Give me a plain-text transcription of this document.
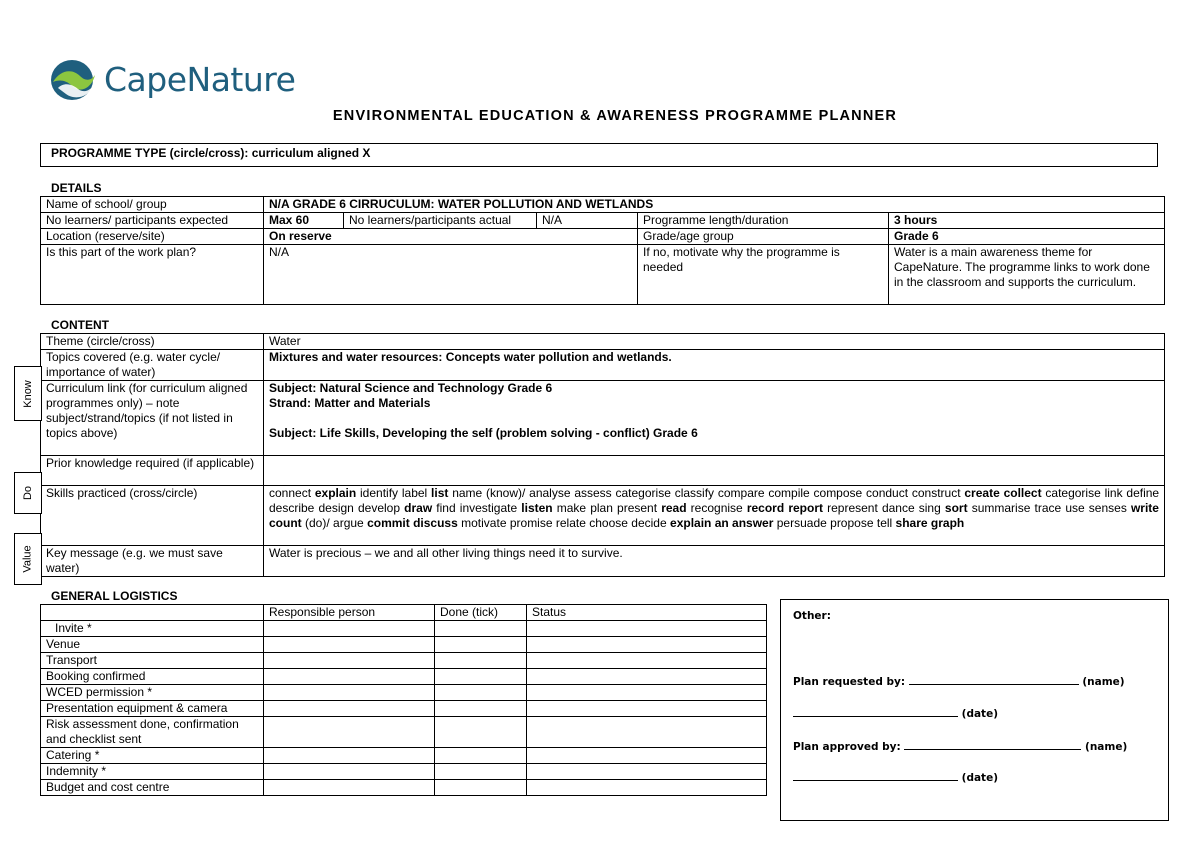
CapeNature
ENVIRONMENTAL EDUCATION & AWARENESS PROGRAMME PLANNER
PROGRAMME TYPE (circle/cross): curriculum aligned X
DETAILS
Name of school/ group	N/A GRADE 6 CIRRUCULUM: WATER POLLUTION AND WETLANDS				
No learners/ participants expected	Max 60	No learners/participants actual	N/A	Programme length/duration	3 hours
Location (reserve/site)	On reserve			Grade/age group	Grade 6
Is this part of the work plan?	N/A			If no, motivate why the programme is needed	Water is a main awareness theme for CapeNature. The programme links to work done in the classroom and supports the curriculum.
CONTENT
Theme (circle/cross)	Water
Topics covered (e.g. water cycle/ importance of water)	Mixtures and water resources: Concepts water pollution and wetlands.
Curriculum link (for curriculum aligned programmes only) – note subject/strand/topics (if not listed in topics above)	Subject: Natural Science and Technology Grade 6
Strand: Matter and Materials
Subject: Life Skills, Developing the self (problem solving - conflict) Grade 6

Prior knowledge required (if applicable)	
Skills practiced (cross/circle)	connect explain identify label list name (know)/ analyse assess categorise classify compare compile compose conduct construct create collect categorise link define describe design develop draw find investigate listen make plan present read recognise record report represent dance sing sort summarise trace use senses write count (do)/ argue commit discuss motivate promise relate choose decide explain an answer persuade propose tell share graph
Key message (e.g. we must save water)	Water is precious – we and all other living things need it to survive.
Know
Do
Value
GENERAL LOGISTICS
	Responsible person	Done (tick)	Status
Invite *			
Venue			
Transport			
Booking confirmed			
WCED permission *			
Presentation equipment & camera			
Risk assessment done, confirmation and checklist sent			
Catering *			
Indemnity *			
Budget and cost centre			
Other:
Plan requested by:	(name)
(date)
Plan approved by:	(name)
(date)
